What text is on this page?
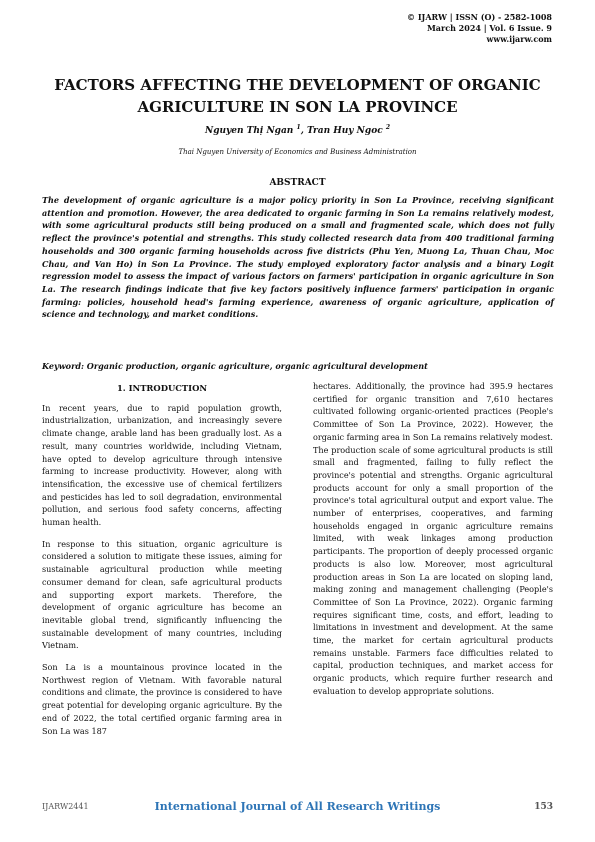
© IJARW | ISSN (O) - 2582-1008
March 2024 | Vol. 6 Issue. 9
www.ijarw.com
FACTORS AFFECTING THE DEVELOPMENT OF ORGANIC
AGRICULTURE IN SON LA PROVINCE
Nguyen Thị Ngan $^1$, Tran Huy Ngoc $^2$
Thai Nguyen University of Economics and Business Administration
ABSTRACT

The development of organic agriculture is a major policy priority in Son La Province, receiving significant attention and promotion. However, the area dedicated to organic farming in Son La remains relatively modest, with some agricultural products still being produced on a small and fragmented scale, which does not fully reflect the province's potential and strengths. This study collected research data from 400 traditional farming households and 300 organic farming households across five districts (Phu Yen, Muong La, Thuan Chau, Moc Chau, and Van Ho) in Son La Province. The study employed exploratory factor analysis and a binary Logit regression model to assess the impact of various factors on farmers' participation in organic agriculture in Son La. The research findings indicate that five key factors positively influence farmers' participation in organic farming: policies, household head's farming experience, awareness of organic agriculture, application of science and technology, and market conditions.

Keyword: Organic production, organic agriculture, organic agricultural development
1. INTRODUCTION

In recent years, due to rapid population growth, industrialization, urbanization, and increasingly severe climate change, arable land has been gradually lost. As a result, many countries worldwide, including Vietnam, have opted to develop agriculture through intensive farming to increase productivity. However, along with intensification, the excessive use of chemical fertilizers and pesticides has led to soil degradation, environmental pollution, and serious food safety concerns, affecting human health.

In response to this situation, organic agriculture is considered a solution to mitigate these issues, aiming for sustainable agricultural production while meeting consumer demand for clean, safe agricultural products and supporting export markets. Therefore, the development of organic agriculture has become an inevitable global trend, significantly influencing the sustainable development of many countries, including Vietnam.

Son La is a mountainous province located in the Northwest region of Vietnam. With favorable natural conditions and climate, the province is considered to have great potential for developing organic agriculture. By the end of 2022, the total certified organic farming area in Son La was 187

hectares. Additionally, the province had 395.9 hectares certified for organic transition and 7,610 hectares cultivated following organic-oriented practices (People's Committee of Son La Province, 2022). However, the organic farming area in Son La remains relatively modest. The production scale of some agricultural products is still small and fragmented, failing to fully reflect the province's potential and strengths. Organic agricultural products account for only a small proportion of the province's total agricultural output and export value. The number of enterprises, cooperatives, and farming households engaged in organic agriculture remains limited, with weak linkages among production participants. The proportion of deeply processed organic products is also low. Moreover, most agricultural production areas in Son La are located on sloping land, making zoning and management challenging (People's Committee of Son La Province, 2022). Organic farming requires significant time, costs, and effort, leading to limitations in investment and development. At the same time, the market for certain agricultural products remains unstable. Farmers face difficulties related to capital, production techniques, and market access for organic products, which require further research and evaluation to develop appropriate solutions.

IJARW2441	International Journal of All Research Writings	153
